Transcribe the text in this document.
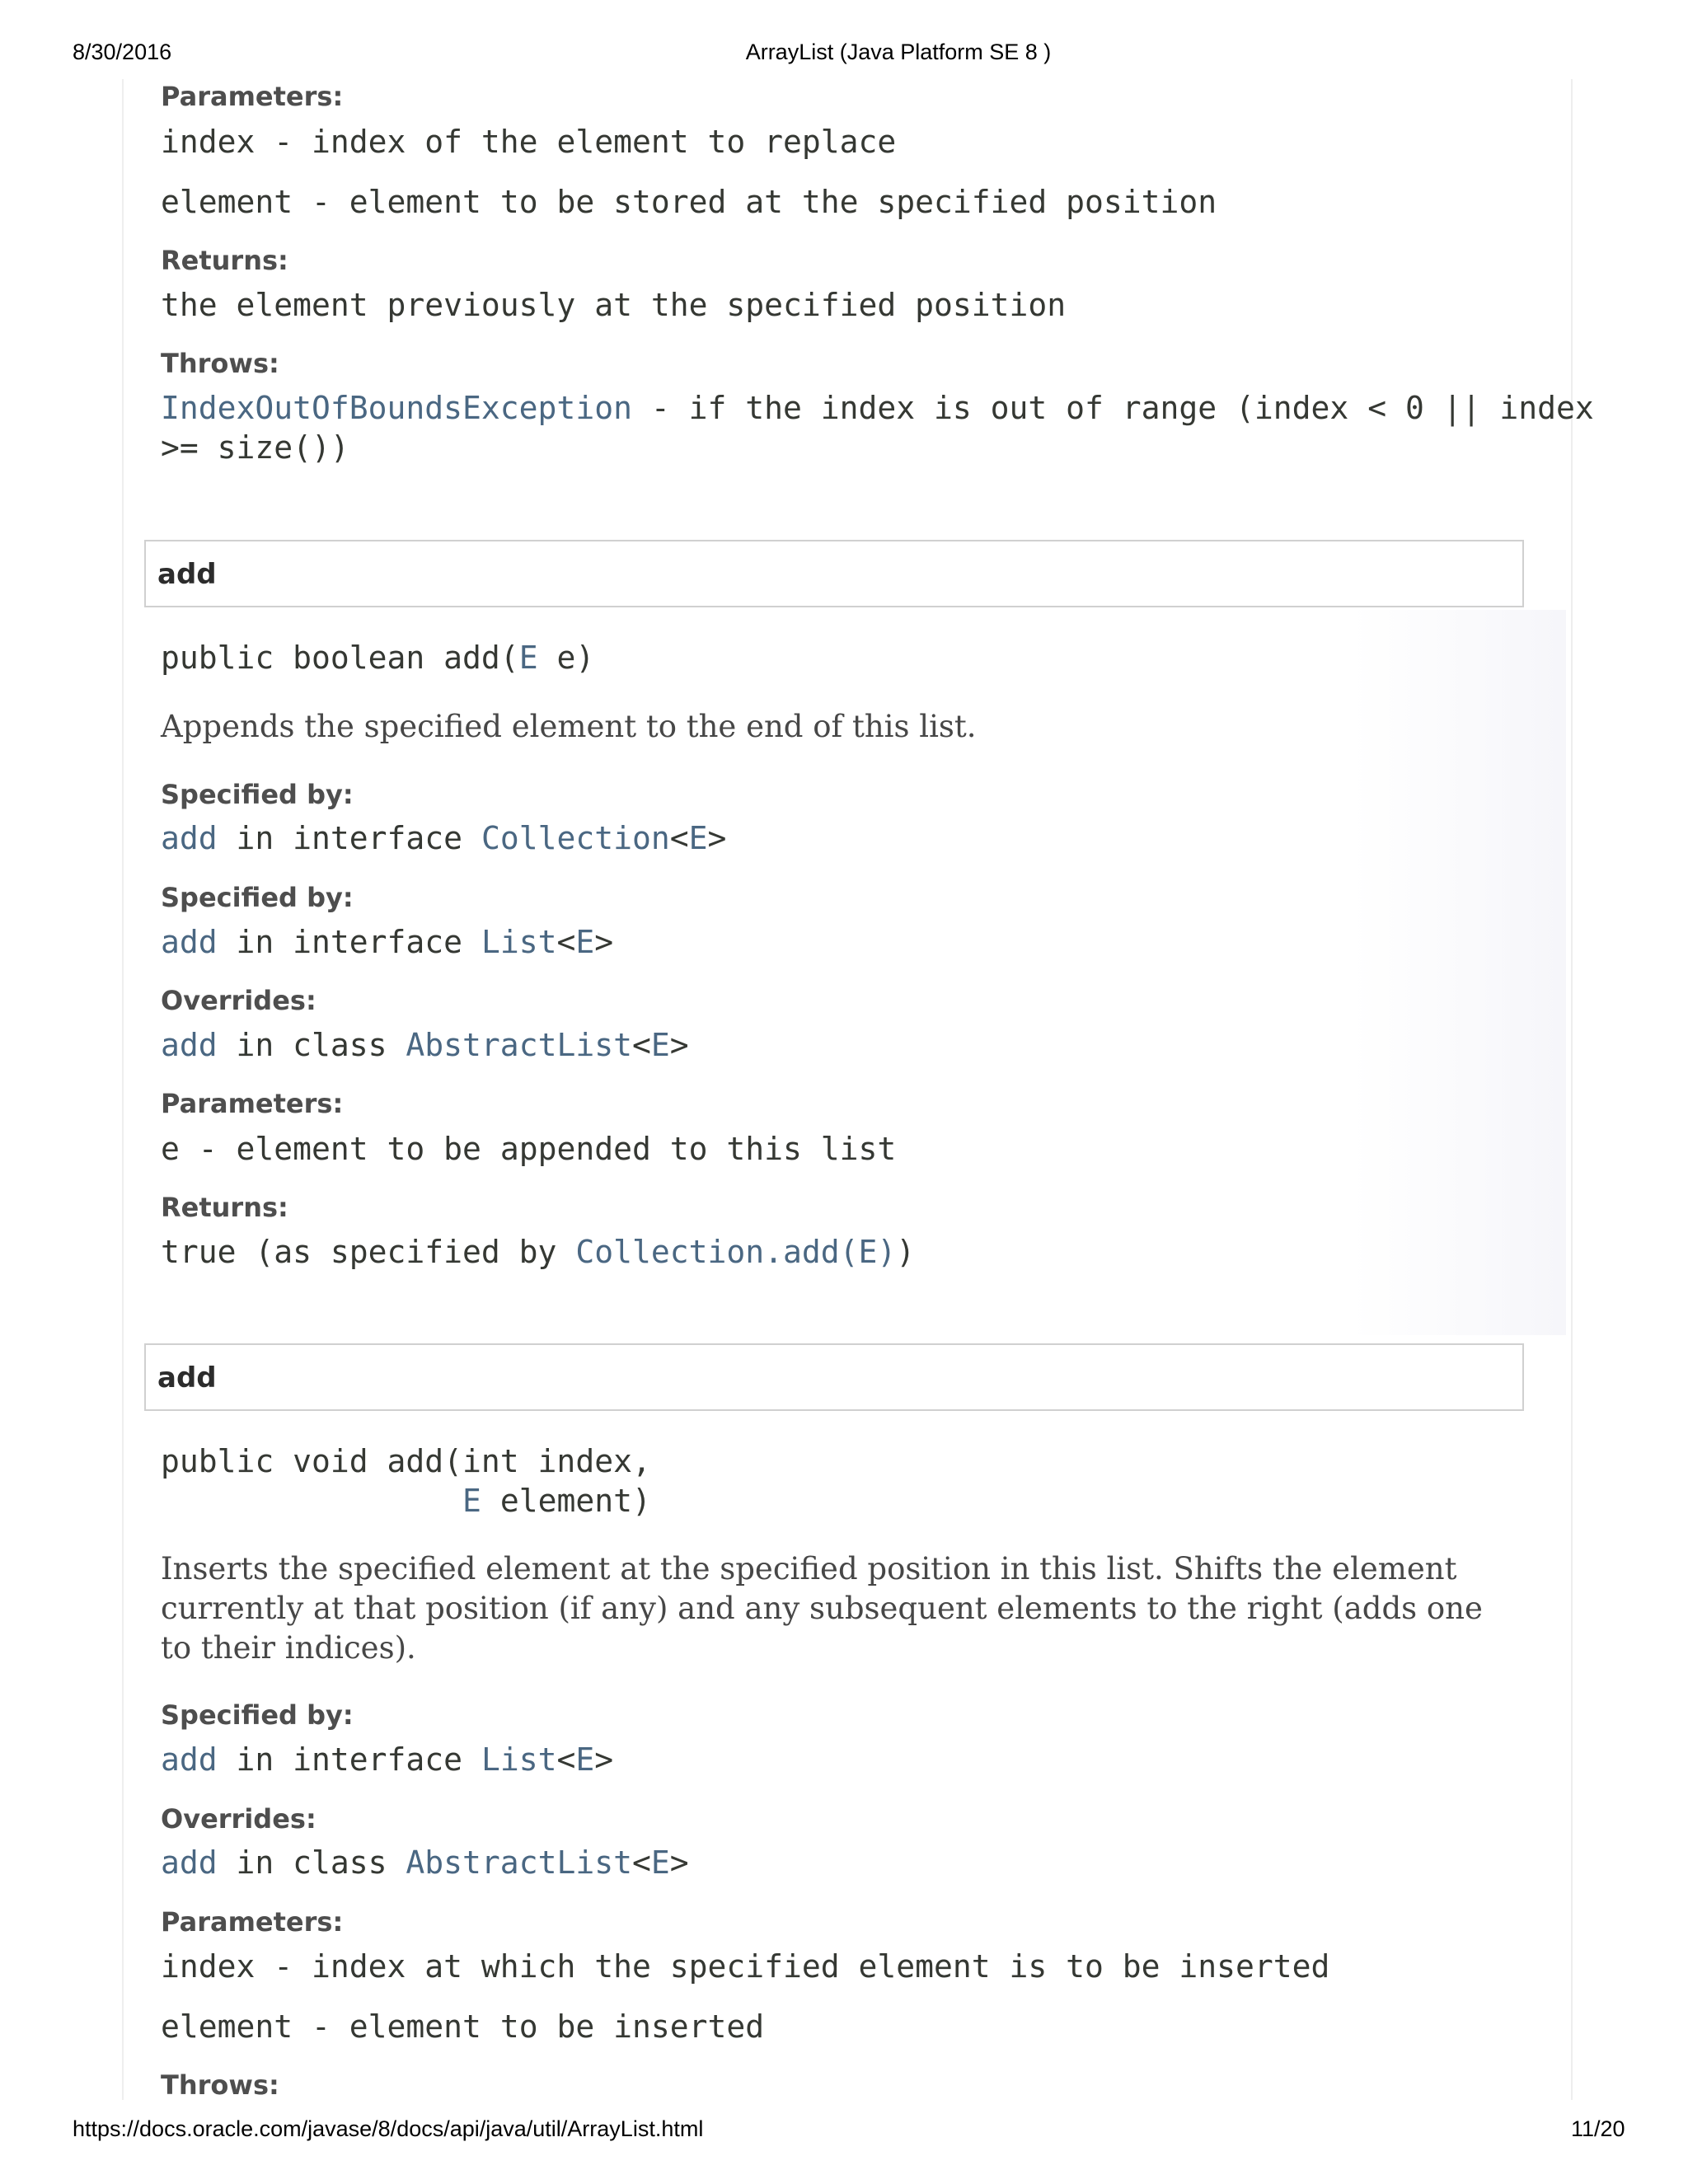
8/30/2016	ArrayList (Java Platform SE 8 )
Parameters:
index - index of the element to replace
element - element to be stored at the specified position
Returns:
the element previously at the specified position
Throws:
IndexOutOfBoundsException - if the index is out of range (index < 0 || index
>= size())
add
public boolean add(E e)
Appends the specified element to the end of this list.
Specified by:
add in interface Collection<E>
Specified by:
add in interface List<E>
Overrides:
add in class AbstractList<E>
Parameters:
e - element to be appended to this list
Returns:
true (as specified by Collection.add(E))
add
public void add(int index,
E element)
Inserts the specified element at the specified position in this list. Shifts the element currently at that position (if any) and any subsequent elements to the right (adds one to their indices).
Specified by:
add in interface List<E>
Overrides:
add in class AbstractList<E>
Parameters:
index - index at which the specified element is to be inserted
element - element to be inserted
Throws:
https://docs.oracle.com/javase/8/docs/api/java/util/ArrayList.html	11/20
